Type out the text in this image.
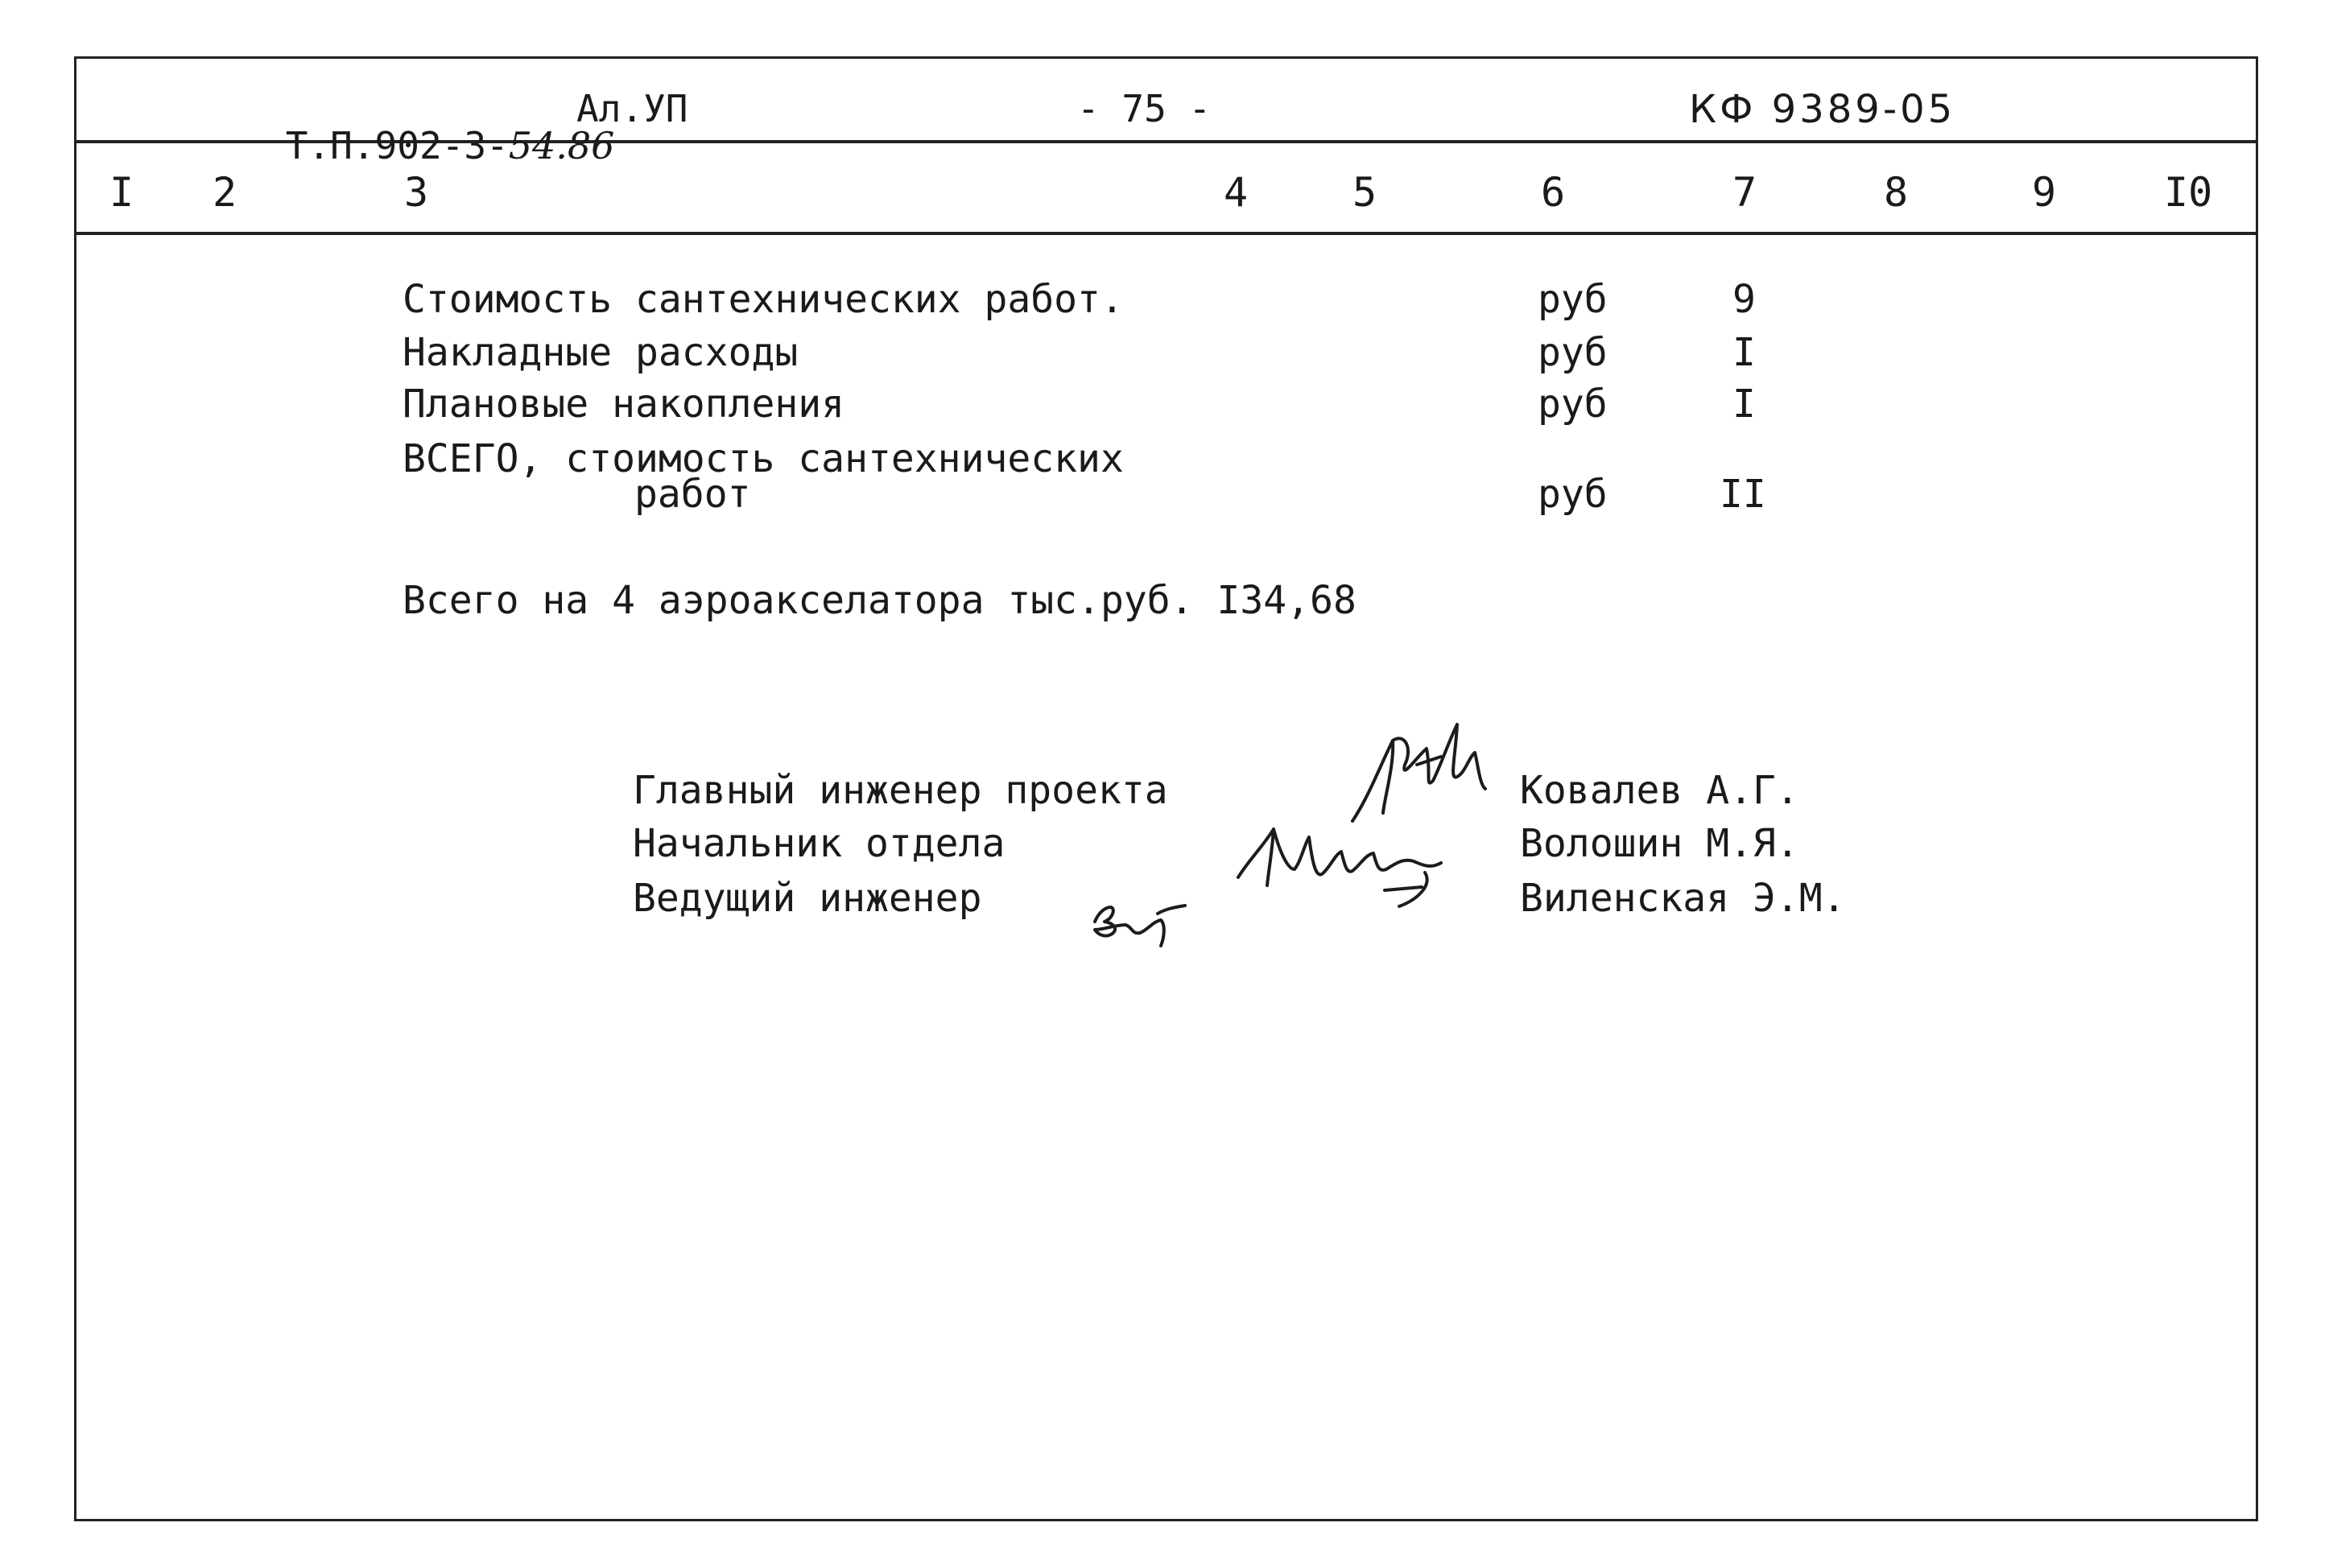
Т.П.902-3-54.86

Ал.УП	- 75 -	КФ 9389-05
I 2	3	4	5	6	7	8	9	I0
Стоимость сантехнических работ.	руб	9
Накладные расходы	руб	I
Плановые накопления	руб	I
ВСЕГО, стоимость сантехнических
работ	руб	II
Всего на 4 аэроакселатора тыс.руб. I34,68
Главный инженер проекта	Ковалев А.Г.
Начальник отдела	Волошин М.Я.
Ведущий инженер	Виленская Э.М.
